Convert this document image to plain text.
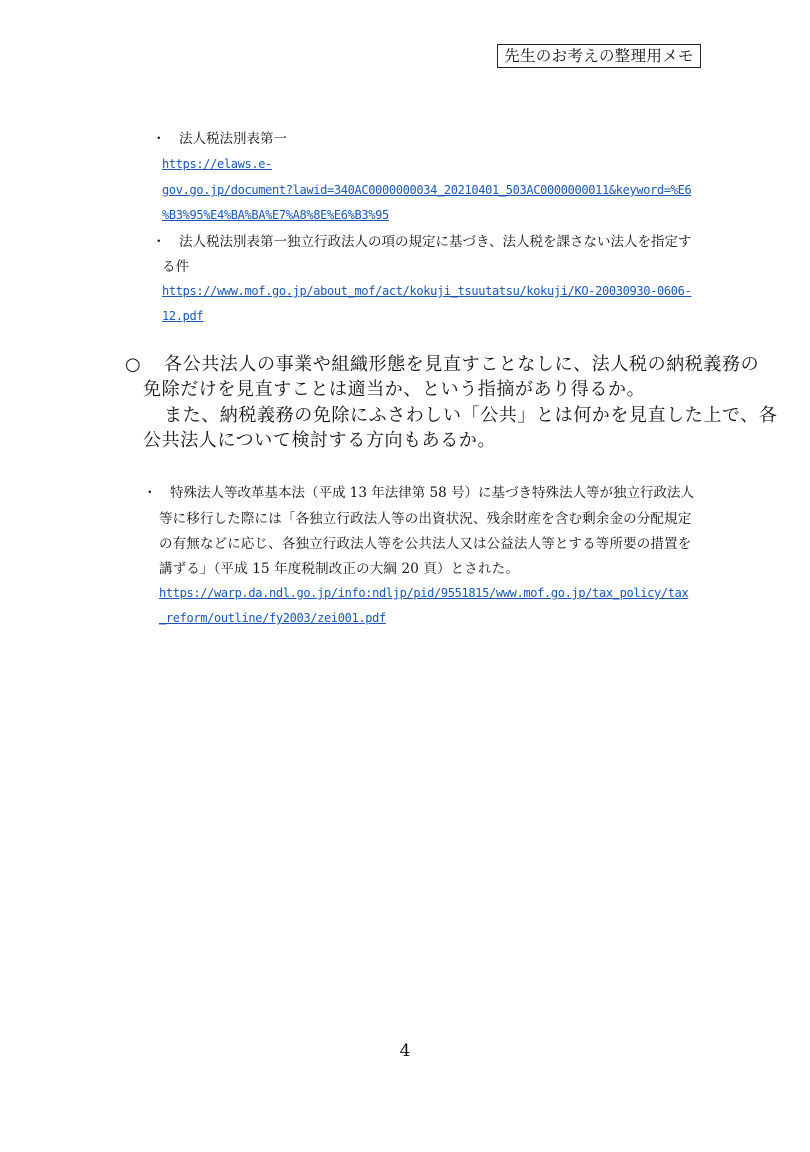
先生のお考えの整理用メモ
・ 法人税法別表第一
https://elaws.e-
gov.go.jp/document?lawid=340AC0000000034_20210401_503AC0000000011&keyword=%E6
%B3%95%E4%BA%BA%E7%A8%8E%E6%B3%95
・ 法人税法別表第一独立行政法人の項の規定に基づき、法人税を課さない法人を指定す
る件
https://www.mof.go.jp/about_mof/act/kokuji_tsuutatsu/kokuji/KO-20030930-0606-
12.pdf
○ 各公共法人の事業や組織形態を見直すことなしに、法人税の納税義務の
免除だけを見直すことは適当か、という指摘があり得るか。
また、納税義務の免除にふさわしい「公共」とは何かを見直した上で、各
公共法人について検討する方向もあるか。
・ 特殊法人等改革基本法（平成 13 年法律第 58 号）に基づき特殊法人等が独立行政法人
等に移行した際には「各独立行政法人等の出資状況、残余財産を含む剰余金の分配規定
の有無などに応じ、各独立行政法人等を公共法人又は公益法人等とする等所要の措置を
講ずる」（平成 15 年度税制改正の大綱 20 頁）とされた。
https://warp.da.ndl.go.jp/info:ndljp/pid/9551815/www.mof.go.jp/tax_policy/tax
_reform/outline/fy2003/zei001.pdf
4
